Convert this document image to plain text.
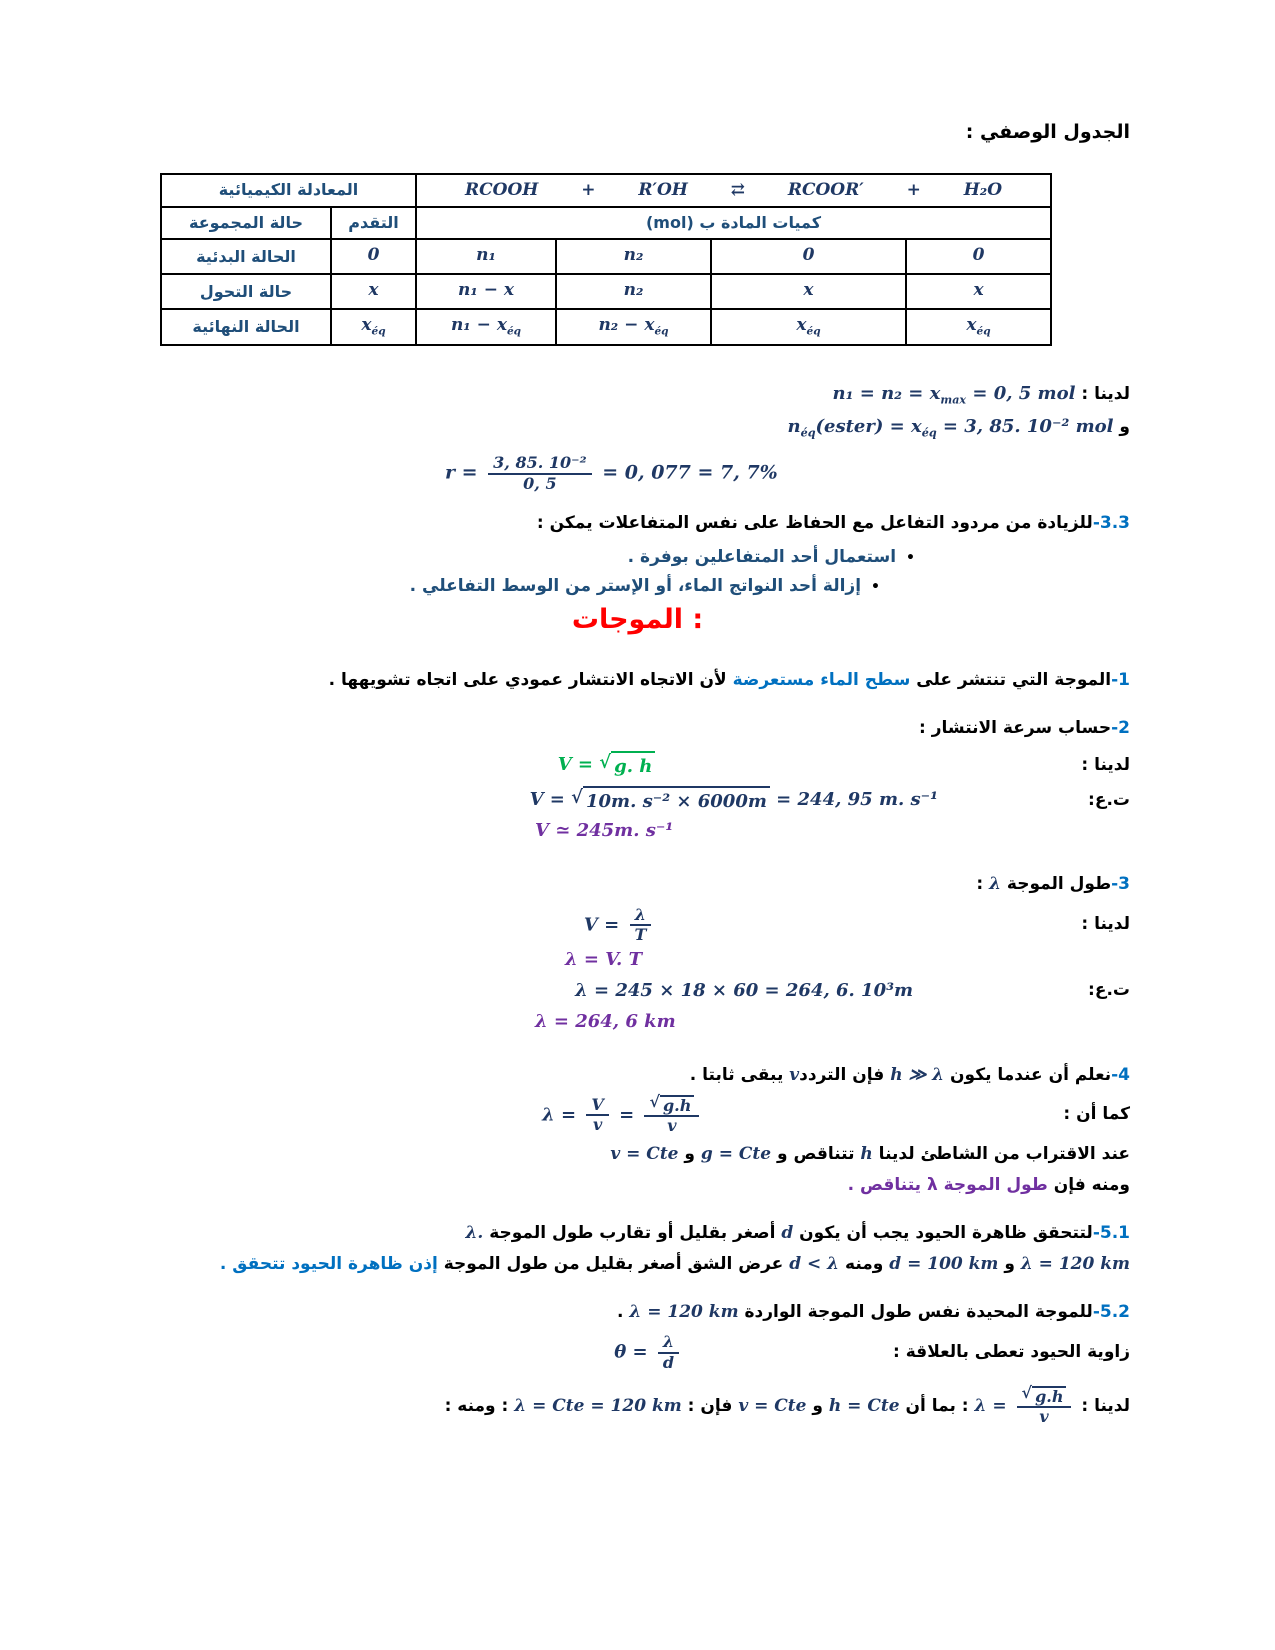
الجدول الوصفي :

المعادلة الكيميائية	RCOOH	+	R′OH	⇄	RCOOR′	+	H₂O

حالة المجموعة	التقدم	كميات المادة ب (mol)			
الحالة البدئية	0	n₁	n₂	0	0
حالة التحول	x	n₁ − x	n₂	x	x
الحالة النهائية	$x_{éq}$	$n_1 - x_{éq}$	$n_2 - x_{éq}$	$x_{éq}$	$x_{éq}$

لدينا : $n_1 = n_2 = x_{max} = 0$, 5 mol

و $n_{éq}(ester) = x_{éq} = 3$, 85. 10⁻² mol

$r = \frac{\text{3, 85. 10⁻²}}{0, 5} = 0$, 077 = 7, 7%

3.3-للزيادة من مردود التفاعل مع الحفاظ على نفس المتفاعلات يمكن :

•
استعمال أحد المتفاعلين بوفرة .
•
إزالة أحد النواتج الماء، أو الإستر من الوسط التفاعلي .

الموجات :

1-الموجة التي تنتشر على سطح الماء مستعرضة لأن الاتجاه الانتشار عمودي على اتجاه تشويهها .

2-حساب سرعة الانتشار :

لدينا :
V = √ g. h
ت.ع:
V = √ 10m. s⁻² × 6000m = 244, 95 m. s⁻¹

V ≃ 245m. s⁻¹

3-طول الموجة λ :

لدينا :
$V = \frac{\lambda}{T}$

λ = V. T

ت.ع:
λ = 245 × 18 × 60 = 264, 6. 10³m

λ = 264, 6 km

4-نعلم أن عندما يكون h ≫ λ فإن الترددv يبقى ثابتا .

كما أن :
$\lambda = \frac{V}{v} = \frac{√ g.h}{v}$

عند الاقتراب من الشاطئ لدينا h تتناقص و g = Cte و v = Cte

ومنه فإن طول الموجة λ يتناقص .

5.1-لتتحقق ظاهرة الحيود يجب أن يكون d أصغر بقليل أو تقارب طول الموجة λ.

λ = 120 km و d = 100 km ومنه d < λ عرض الشق أصغر بقليل من طول الموجة إذن ظاهرة الحيود تتحقق .

5.2-للموجة المحيدة نفس طول الموجة الواردة λ = 120 km .

زاوية الحيود تعطى بالعلاقة :
$\theta = \frac{\lambda}{d}$

لدينا : $\lambda = \frac{√ g.h}{v}$
: بما أن h = Cte و v = Cte فإن : λ = Cte = 120 km : ومنه :
